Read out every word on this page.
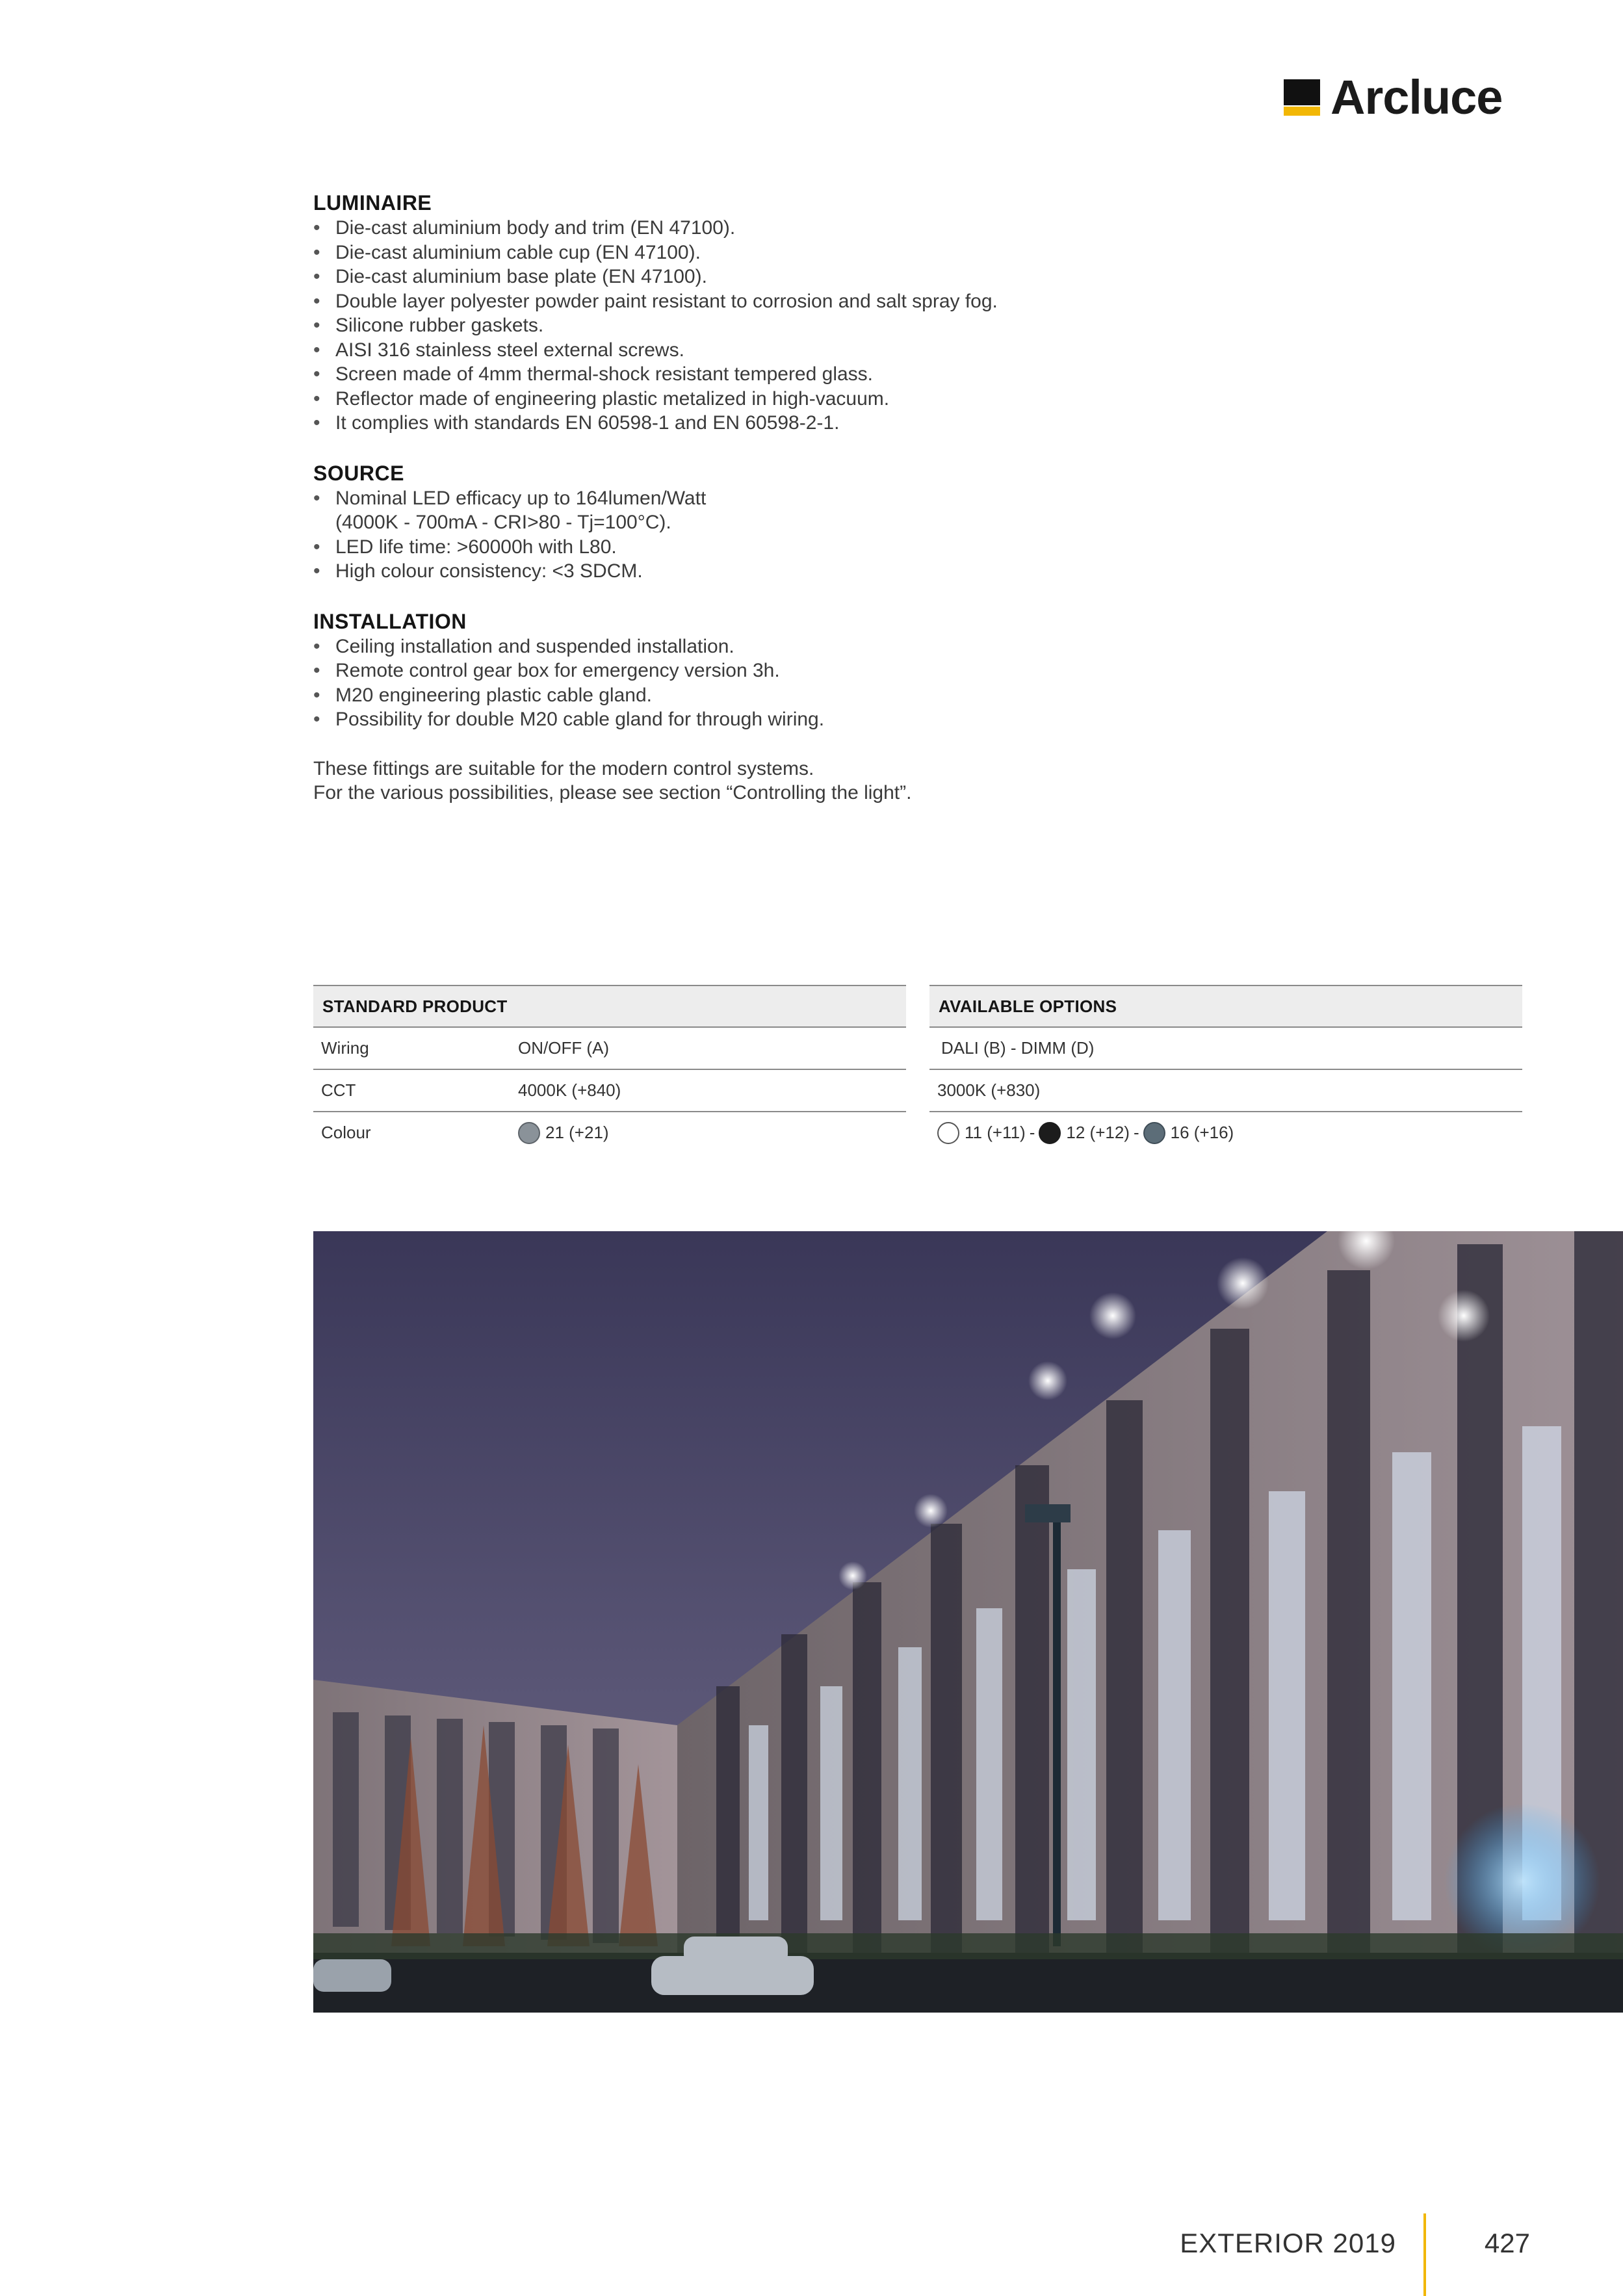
Arcluce
LUMINAIRE
• Die-cast aluminium body and trim (EN 47100).
• Die-cast aluminium cable cup (EN 47100).
• Die-cast aluminium base plate (EN 47100).
• Double layer polyester powder paint resistant to corrosion and salt spray fog.
• Silicone rubber gaskets.
• AISI 316 stainless steel external screws.
• Screen made of 4mm thermal-shock resistant tempered glass.
• Reflector made of engineering plastic metalized in high-vacuum.
• It complies with standards EN 60598-1 and EN 60598-2-1.
SOURCE
• Nominal LED efficacy up to 164lumen/Watt
(4000K - 700mA - CRI>80 - Tj=100°C).
• LED life time: >60000h with L80.
• High colour consistency: <3 SDCM.
INSTALLATION
• Ceiling installation and suspended installation.
• Remote control gear box for emergency version 3h.
• M20 engineering plastic cable gland.
• Possibility for double M20 cable gland for through wiring.

These fittings are suitable for the modern control systems.

For the various possibilities, please see section “Controlling the light”.

STANDARD PRODUCT
Wiring	ON/OFF (A)
CCT	4000K (+840)
Colour	21 (+21)
AVAILABLE OPTIONS
DALI (B) - DIMM (D)
3000K (+830)
11 (+11) - 12 (+12) - 16 (+16)
EXTERIOR 2019	427
